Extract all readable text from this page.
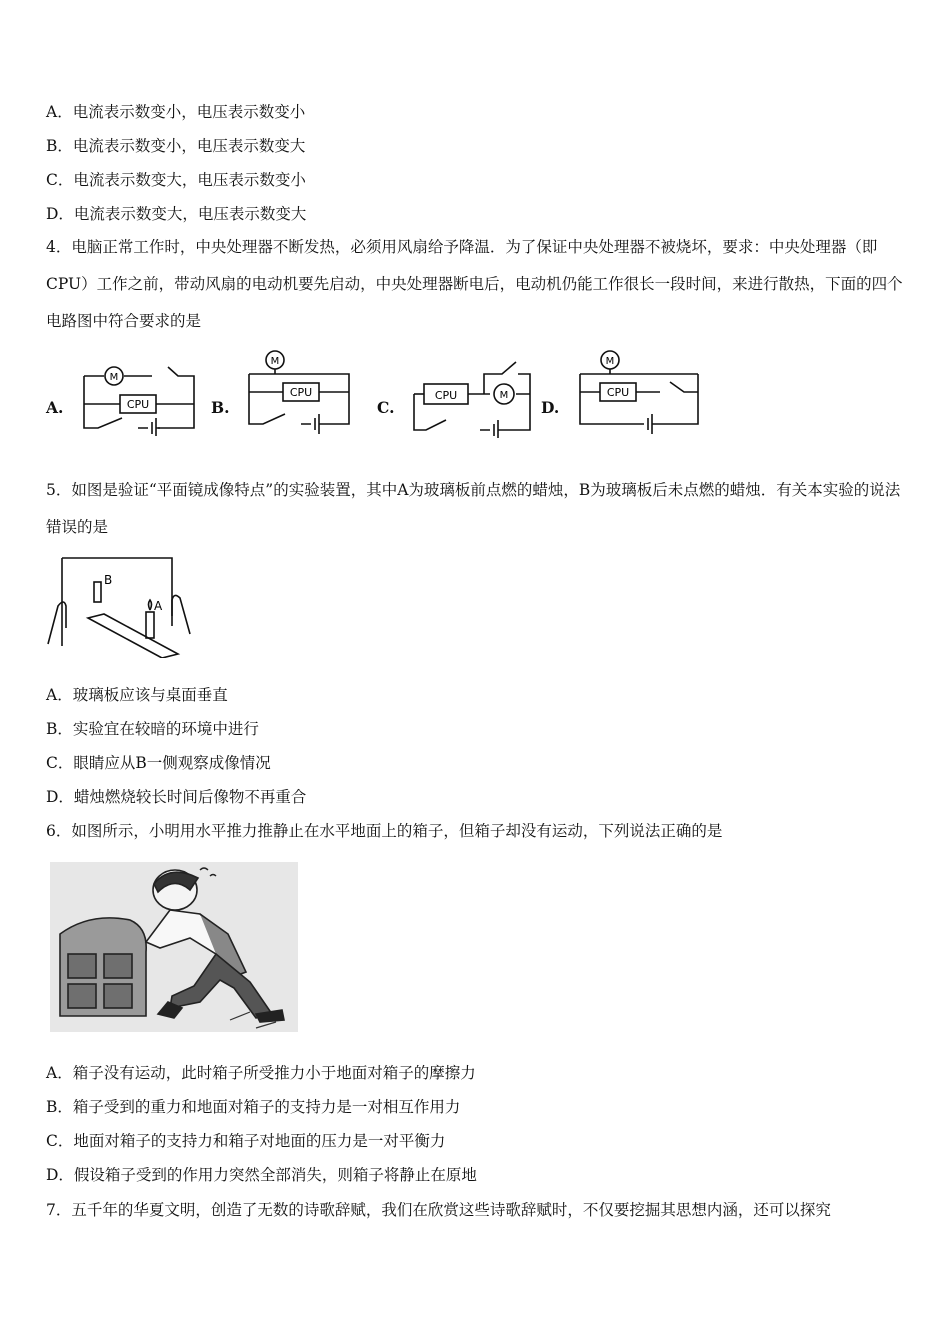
A．电流表示数变小，电压表示数变小
B．电流表示数变小，电压表示数变大
C．电流表示数变大，电压表示数变小
D．电流表示数变大，电压表示数变大
4．电脑正常工作时，中央处理器不断发热，必须用风扇给予降温．为了保证中央处理器不被烧坏，要求：中央处理器（即CPU）工作之前，带动风扇的电动机要先启动，中央处理器断电后，电动机仍能工作很长一段时间，来进行散热，下面的四个电路图中符合要求的是
A.	B.	C.	D.
CPU
M
CPU
M
CPU	M	CPU
M
5．如图是验证“平面镜成像特点”的实验装置，其中A为玻璃板前点燃的蜡烛，B为玻璃板后未点燃的蜡烛．有关本实验的说法错误的是
B
A
A．玻璃板应该与桌面垂直
B．实验宜在较暗的环境中进行
C．眼睛应从B一侧观察成像情况
D．蜡烛燃烧较长时间后像物不再重合
6．如图所示，小明用水平推力推静止在水平地面上的箱子，但箱子却没有运动，下列说法正确的是
A．箱子没有运动，此时箱子所受推力小于地面对箱子的摩擦力
B．箱子受到的重力和地面对箱子的支持力是一对相互作用力
C．地面对箱子的支持力和箱子对地面的压力是一对平衡力
D．假设箱子受到的作用力突然全部消失，则箱子将静止在原地
7．五千年的华夏文明，创造了无数的诗歌辞赋，我们在欣赏这些诗歌辞赋时，不仅要挖掘其思想内涵，还可以探究
